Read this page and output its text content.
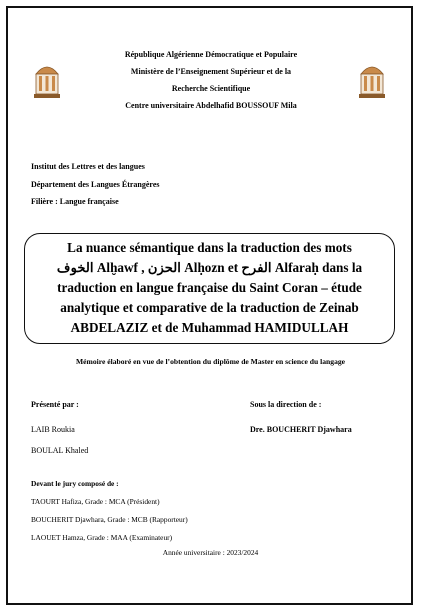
République Algérienne Démocratique et Populaire
Ministère de l’Enseignement Supérieur et de la
Recherche Scientifique
Centre universitaire Abdelhafid BOUSSOUF Mila
Institut des Lettres et des langues
Département des Langues Étrangères
Filière : Langue française
La nuance sémantique dans la traduction des mots
الخوف Alḫawf , الحزن Alḥozn et الفرح Alfaraḥ dans la
traduction en langue française du Saint Coran – étude
analytique et comparative de la traduction de Zeinab
ABDELAZIZ et de Muhammad HAMIDULLAH
Mémoire élaboré en vue de l’obtention du diplôme de Master en science du langage
Présenté par :
LAIB Roukia
BOULAL Khaled
Sous la direction de :
Dre. BOUCHERIT Djawhara
Devant le jury composé de :
TAOURT Hafiza, Grade : MCA (Président)
BOUCHERIT Djawhara, Grade : MCB (Rapporteur)
LAOUET Hamza, Grade : MAA (Examinateur)
Année universitaire : 2023/2024
